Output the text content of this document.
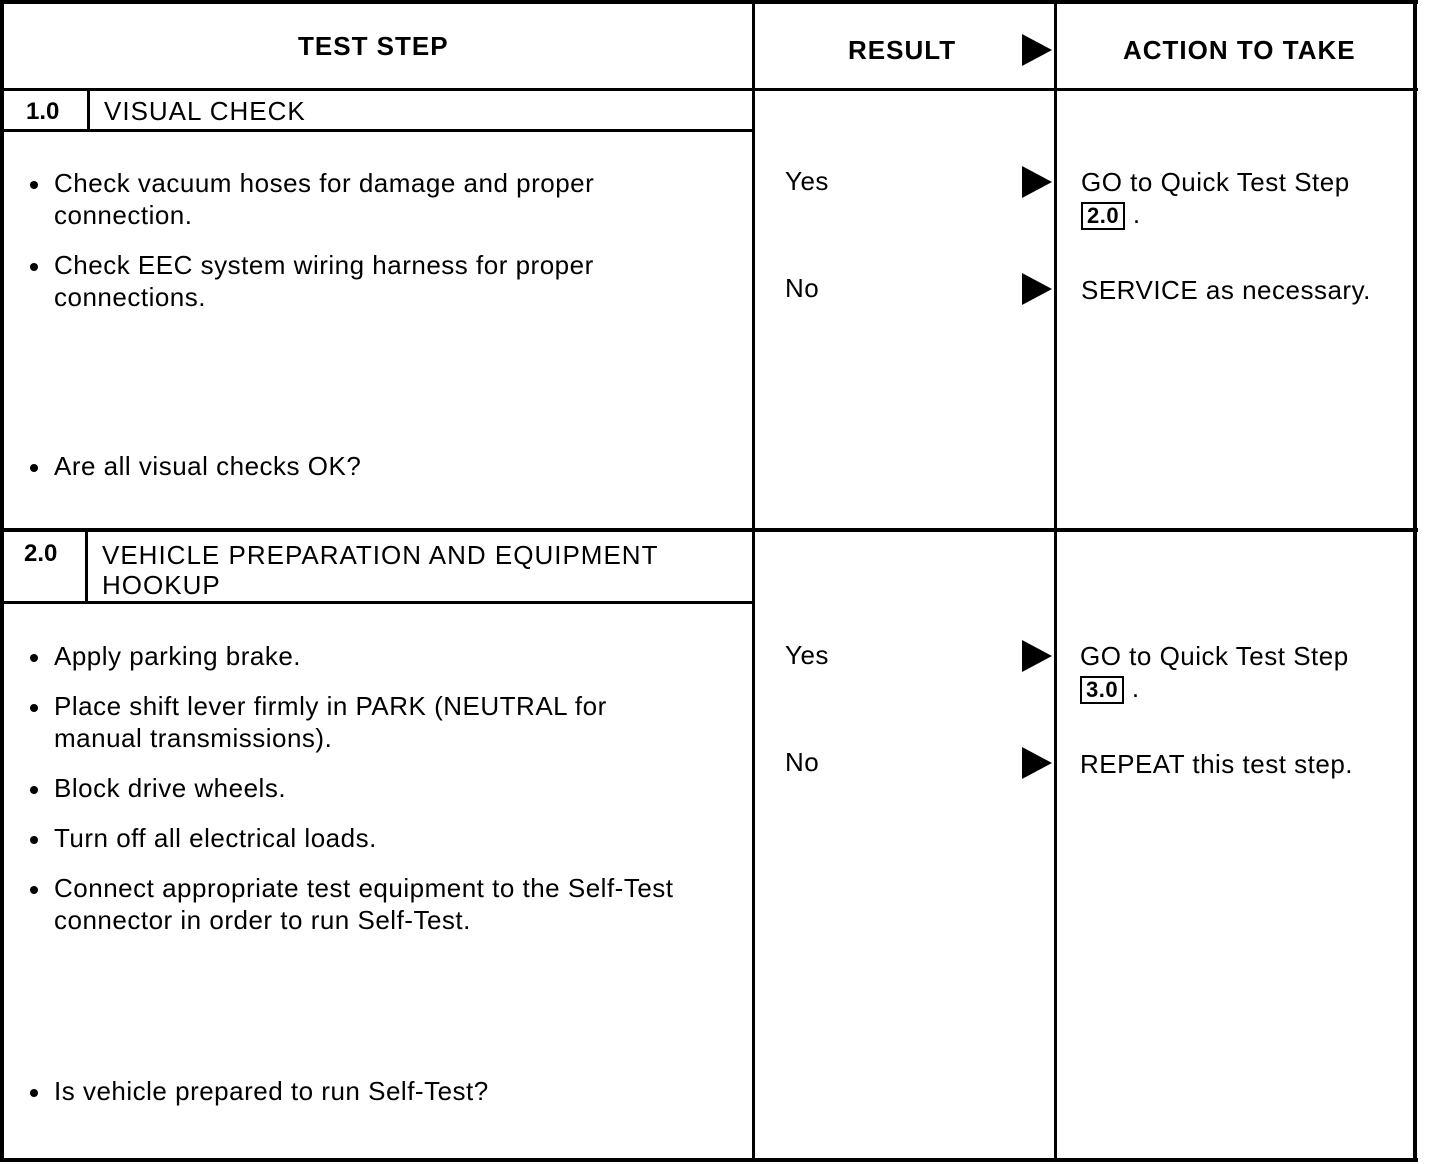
TEST STEP	RESULT	ACTION TO TAKE
1.0 VISUAL CHECK
Check vacuum hoses for damage and proper connection.
Check EEC system wiring harness for proper connections.
Are all visual checks OK?
Yes
No
GO to Quick Test Step
2.0 .
SERVICE as necessary.
2.0 VEHICLE PREPARATION AND EQUIPMENT HOOKUP
Apply parking brake.
Place shift lever firmly in PARK (NEUTRAL for manual transmissions).
Block drive wheels.
Turn off all electrical loads.
Connect appropriate test equipment to the Self-Test connector in order to run Self-Test.
Is vehicle prepared to run Self-Test?
Yes
No
GO to Quick Test Step
3.0 .
REPEAT this test step.
